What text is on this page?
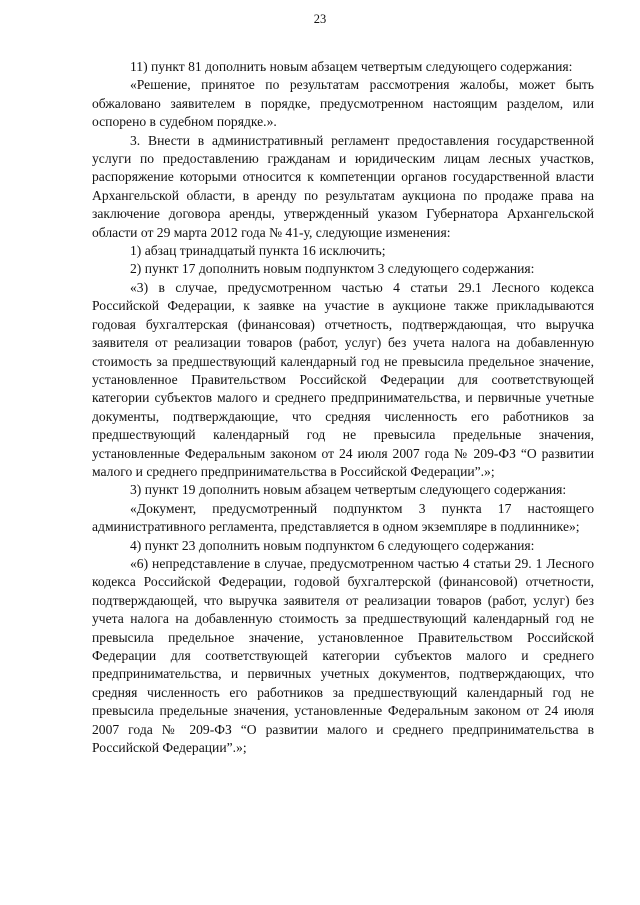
23

11) пункт 81 дополнить новым абзацем четвертым следующего содержания:

«Решение, принятое по результатам рассмотрения жалобы, может быть обжаловано заявителем в порядке, предусмотренном настоящим разделом, или оспорено в судебном порядке.».

3. Внести в административный регламент предоставления государственной услуги по предоставлению гражданам и юридическим лицам лесных участков, распоряжение которыми относится к компетенции органов государственной власти Архангельской области, в аренду по результатам аукциона по продаже права на заключение договора аренды, утвержденный указом Губернатора Архангельской области от 29 марта 2012 года № 41-у, следующие изменения:

1) абзац тринадцатый пункта 16 исключить;

2) пункт 17 дополнить новым подпунктом 3 следующего содержания:

«3) в случае, предусмотренном частью 4 статьи 29.1 Лесного кодекса Российской Федерации, к заявке на участие в аукционе также прикладываются годовая бухгалтерская (финансовая) отчетность, подтверждающая, что выручка заявителя от реализации товаров (работ, услуг) без учета налога на добавленную стоимость за предшествующий календарный год не превысила предельное значение, установленное Правительством Российской Федерации для соответствующей категории субъектов малого и среднего предпринимательства, и первичные учетные документы, подтверждающие, что средняя численность его работников за предшествующий календарный год не превысила предельные значения, установленные Федеральным законом от 24 июля 2007 года № 209-ФЗ “О развитии малого и среднего предпринимательства в Российской Федерации”.»;

3) пункт 19 дополнить новым абзацем четвертым следующего содержания:

«Документ, предусмотренный подпунктом 3 пункта 17 настоящего административного регламента, представляется в одном экземпляре в подлиннике»;

4) пункт 23 дополнить новым подпунктом 6 следующего содержания:

«6) непредставление в случае, предусмотренном частью 4 статьи 29. 1 Лесного кодекса Российской Федерации, годовой бухгалтерской (финансовой) отчетности, подтверждающей, что выручка заявителя от реализации товаров (работ, услуг) без учета налога на добавленную стоимость за предшествующий календарный год не превысила предельное значение, установленное Правительством Российской Федерации для соответствующей категории субъектов малого и среднего предпринимательства, и первичных учетных документов, подтверждающих, что средняя численность его работников за предшествующий календарный год не превысила предельные значения, установленные Федеральным законом от 24 июля 2007 года № 209-ФЗ “О развитии малого и среднего предпринимательства в Российской Федерации”.»;
